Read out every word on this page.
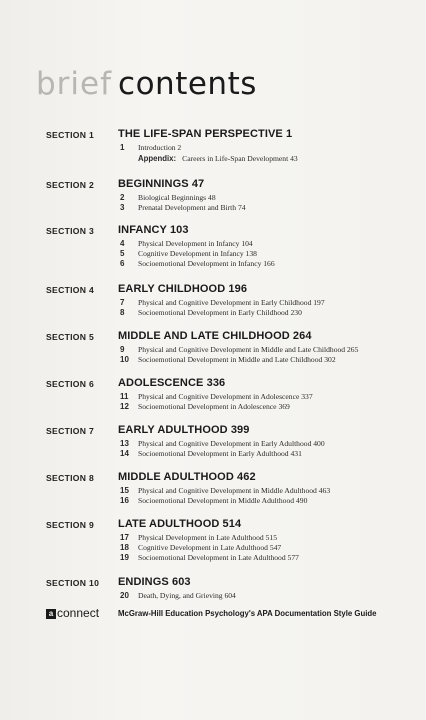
brief contents
SECTION 1 THE LIFE-SPAN PERSPECTIVE 1
1 Introduction 2
Appendix: Careers in Life-Span Development 43
SECTION 2 BEGINNINGS 47
2 Biological Beginnings 48
3 Prenatal Development and Birth 74
SECTION 3 INFANCY 103
4 Physical Development in Infancy 104
5 Cognitive Development in Infancy 138
6 Socioemotional Development in Infancy 166
SECTION 4 EARLY CHILDHOOD 196
7 Physical and Cognitive Development in Early Childhood 197
8 Socioemotional Development in Early Childhood 230
SECTION 5 MIDDLE AND LATE CHILDHOOD 264
9 Physical and Cognitive Development in Middle and Late Childhood 265
10 Socioemotional Development in Middle and Late Childhood 302
SECTION 6 ADOLESCENCE 336
11 Physical and Cognitive Development in Adolescence 337
12 Socioemotional Development in Adolescence 369
SECTION 7 EARLY ADULTHOOD 399
13 Physical and Cognitive Development in Early Adulthood 400
14 Socioemotional Development in Early Adulthood 431
SECTION 8 MIDDLE ADULTHOOD 462
15 Physical and Cognitive Development in Middle Adulthood 463
16 Socioemotional Development in Middle Adulthood 490
SECTION 9 LATE ADULTHOOD 514
17 Physical Development in Late Adulthood 515
18 Cognitive Development in Late Adulthood 547
19 Socioemotional Development in Late Adulthood 577
SECTION 10 ENDINGS 603
20 Death, Dying, and Grieving 604
a connect McGraw-Hill Education Psychology's APA Documentation Style Guide
